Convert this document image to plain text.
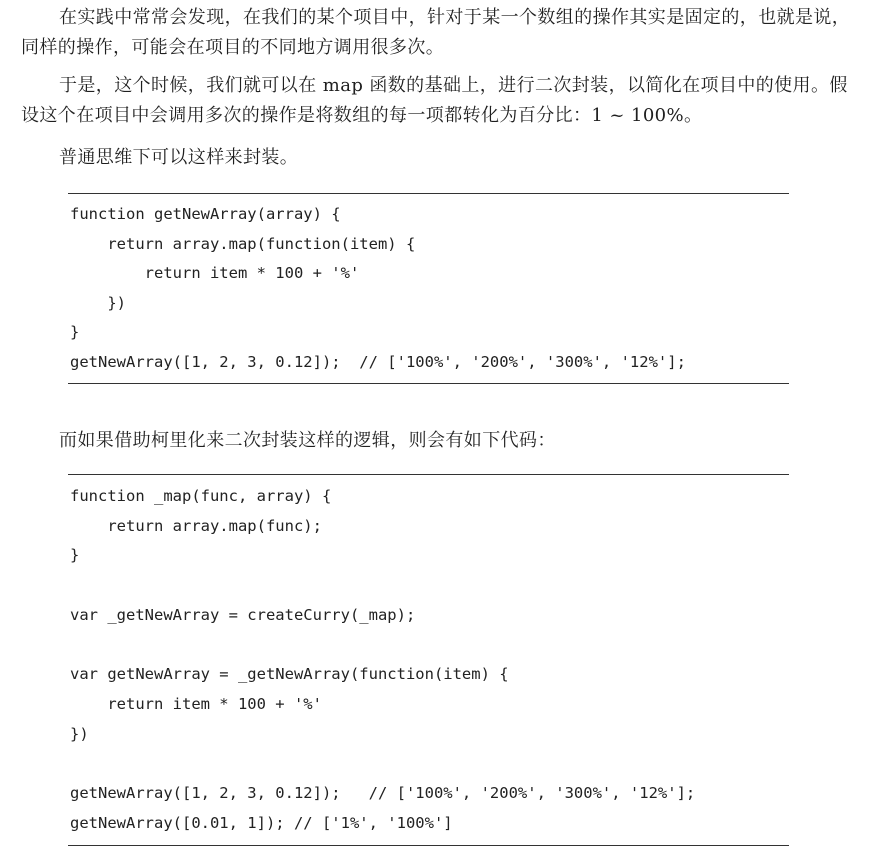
在实践中常常会发现，在我们的某个项目中，针对于某一个数组的操作其实是固定的，也就是说，同样的操作，可能会在项目的不同地方调用很多次。

于是，这个时候，我们就可以在 map 函数的基础上，进行二次封装，以简化在项目中的使用。假设这个在项目中会调用多次的操作是将数组的每一项都转化为百分比：1 ~ 100%。

普通思维下可以这样来封装。

function getNewArray(array) {
return array.map(function(item) {
return item * 100 + '%'
})
}
getNewArray([1, 2, 3, 0.12]);  // ['100%', '200%', '300%', '12%'];

而如果借助柯里化来二次封装这样的逻辑，则会有如下代码：

function _map(func, array) {
return array.map(func);
}
var _getNewArray = createCurry(_map);
var getNewArray = _getNewArray(function(item) {
return item * 100 + '%'
})
getNewArray([1, 2, 3, 0.12]);   // ['100%', '200%', '300%', '12%'];
getNewArray([0.01, 1]); // ['1%', '100%']
